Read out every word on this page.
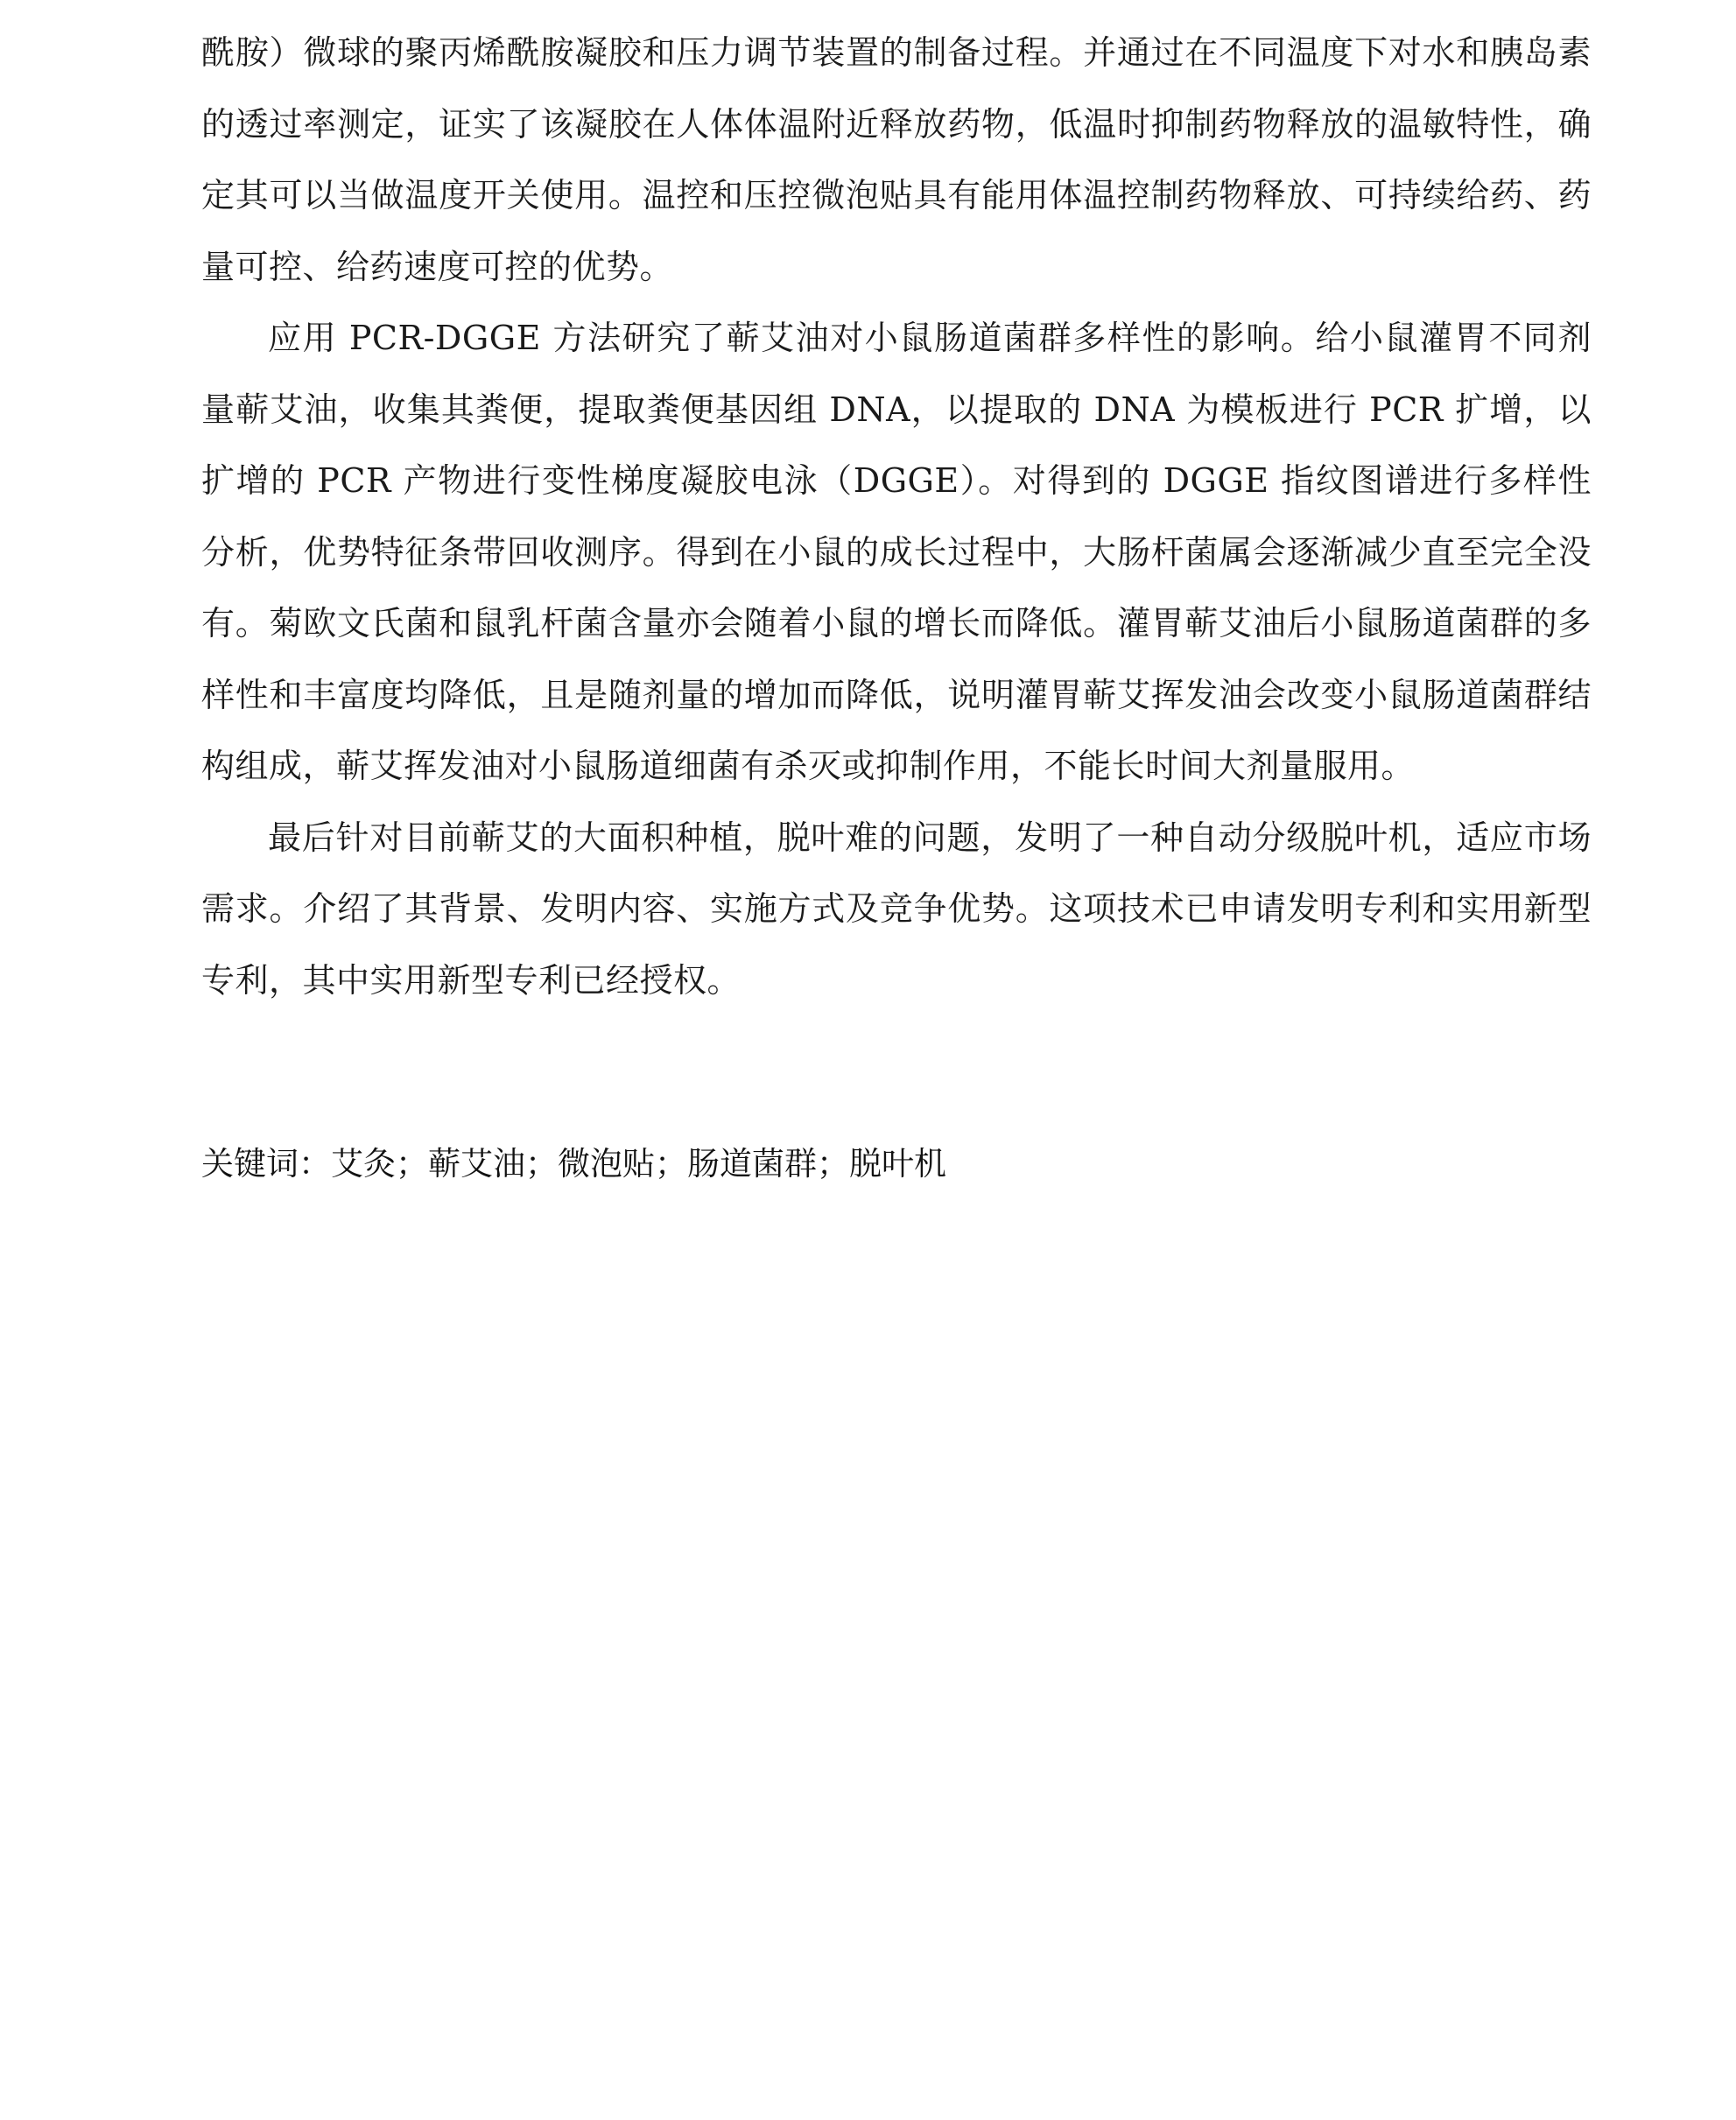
酰胺）微球的聚丙烯酰胺凝胶和压力调节装置的制备过程。并通过在不同温度下对水和胰岛素的透过率测定，证实了该凝胶在人体体温附近释放药物，低温时抑制药物释放的温敏特性，确定其可以当做温度开关使用。温控和压控微泡贴具有能用体温控制药物释放、可持续给药、药量可控、给药速度可控的优势。

应用 PCR-DGGE 方法研究了蕲艾油对小鼠肠道菌群多样性的影响。给小鼠灌胃不同剂量蕲艾油，收集其粪便，提取粪便基因组 DNA，以提取的 DNA 为模板进行 PCR 扩增，以扩增的 PCR 产物进行变性梯度凝胶电泳（DGGE）。对得到的 DGGE 指纹图谱进行多样性分析，优势特征条带回收测序。得到在小鼠的成长过程中，大肠杆菌属会逐渐减少直至完全没有。菊欧文氏菌和鼠乳杆菌含量亦会随着小鼠的增长而降低。灌胃蕲艾油后小鼠肠道菌群的多样性和丰富度均降低，且是随剂量的增加而降低，说明灌胃蕲艾挥发油会改变小鼠肠道菌群结构组成，蕲艾挥发油对小鼠肠道细菌有杀灭或抑制作用，不能长时间大剂量服用。

最后针对目前蕲艾的大面积种植，脱叶难的问题，发明了一种自动分级脱叶机，适应市场需求。介绍了其背景、发明内容、实施方式及竞争优势。这项技术已申请发明专利和实用新型专利，其中实用新型专利已经授权。

关键词：艾灸；蕲艾油；微泡贴；肠道菌群；脱叶机
